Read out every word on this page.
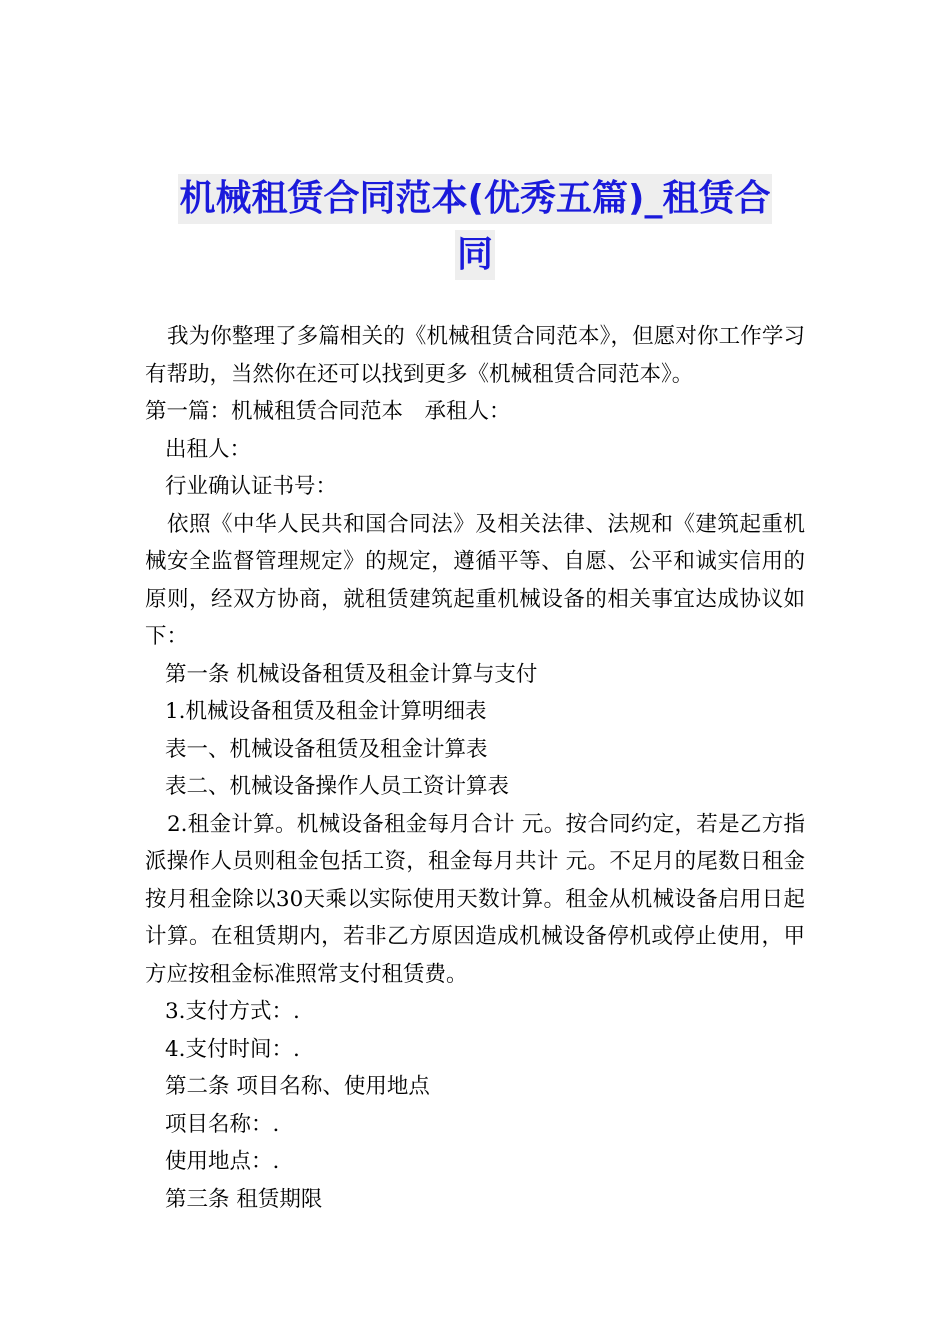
机械租赁合同范本(优秀五篇)_租赁合
同

我为你整理了多篇相关的《机械租赁合同范本》，但愿对你工作学习有帮助，当然你在还可以找到更多《机械租赁合同范本》。

第一篇：机械租赁合同范本　承租人：

出租人：

行业确认证书号：

依照《中华人民共和国合同法》及相关法律、法规和《建筑起重机械安全监督管理规定》的规定，遵循平等、自愿、公平和诚实信用的原则，经双方协商，就租赁建筑起重机械设备的相关事宜达成协议如下：

第一条 机械设备租赁及租金计算与支付

1.机械设备租赁及租金计算明细表

表一、机械设备租赁及租金计算表

表二、机械设备操作人员工资计算表

2.租金计算。机械设备租金每月合计 元。按合同约定，若是乙方指派操作人员则租金包括工资，租金每月共计 元。不足月的尾数日租金按月租金除以30天乘以实际使用天数计算。租金从机械设备启用日起计算。在租赁期内，若非乙方原因造成机械设备停机或停止使用，甲方应按租金标准照常支付租赁费。

3.支付方式：.

4.支付时间：.

第二条 项目名称、使用地点

项目名称：.

使用地点：.

第三条 租赁期限
